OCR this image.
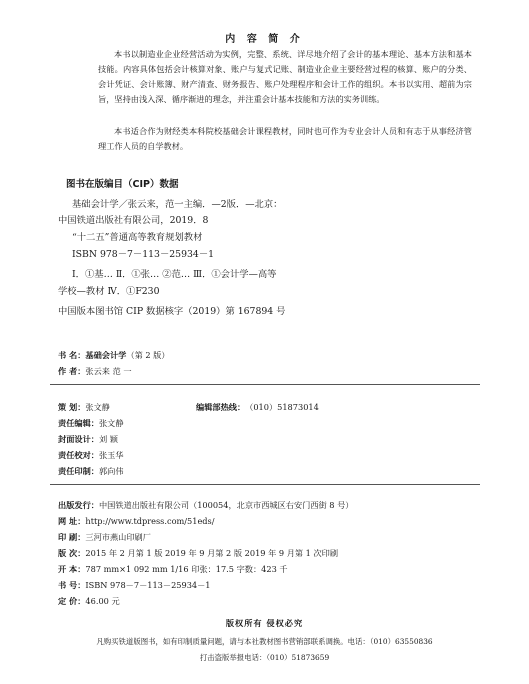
内 容 简 介
本书以制造业企业经营活动为实例，完整、系统、详尽地介绍了会计的基本理论、基本方法和基本技能。内容具体包括会计核算对象、账户与复式记账、制造业企业主要经营过程的核算、账户的分类、会计凭证、会计账簿、财产清查、财务报告、账户处理程序和会计工作的组织。本书以实用、超前为宗旨，坚持由浅入深、循序渐进的理念，并注重会计基本技能和方法的实务训练。
本书适合作为财经类本科院校基础会计课程教材，同时也可作为专业会计人员和有志于从事经济管理工作人员的自学教材。
图书在版编目（CIP）数据
基础会计学／张云来，范一主编．—2版．—北京：
中国铁道出版社有限公司，2019．8
“十二五”普通高等教育规划教材
ISBN 978－7－113－25934－1
Ⅰ．①基… Ⅱ．①张… ②范… Ⅲ．①会计学—高等
学校—教材 Ⅳ．①F230
中国版本图书馆 CIP 数据核字（2019）第 167894 号
书 名：基础会计学（第 2 版）
作 者：张云来 范 一
策 划：张文静	编辑部热线：（010）51873014
责任编辑：张文静
封面设计：刘 颖
责任校对：张玉华
责任印制：郭向伟
出版发行：中国铁道出版社有限公司（100054，北京市西城区右安门西街 8 号）
网 址：http://www.tdpress.com/51eds/
印 刷：三河市燕山印刷厂
版 次：2015 年 2 月第 1 版 2019 年 9 月第 2 版 2019 年 9 月第 1 次印刷
开 本：787 mm×1 092 mm 1/16 印张：17.5 字数：423 千
书 号：ISBN 978－7－113－25934－1
定 价：46.00 元
版权所有 侵权必究
凡购买铁道版图书，如有印制质量问题，请与本社教材图书营销部联系调换。电话：（010）63550836
打击盗版举报电话：（010）51873659
